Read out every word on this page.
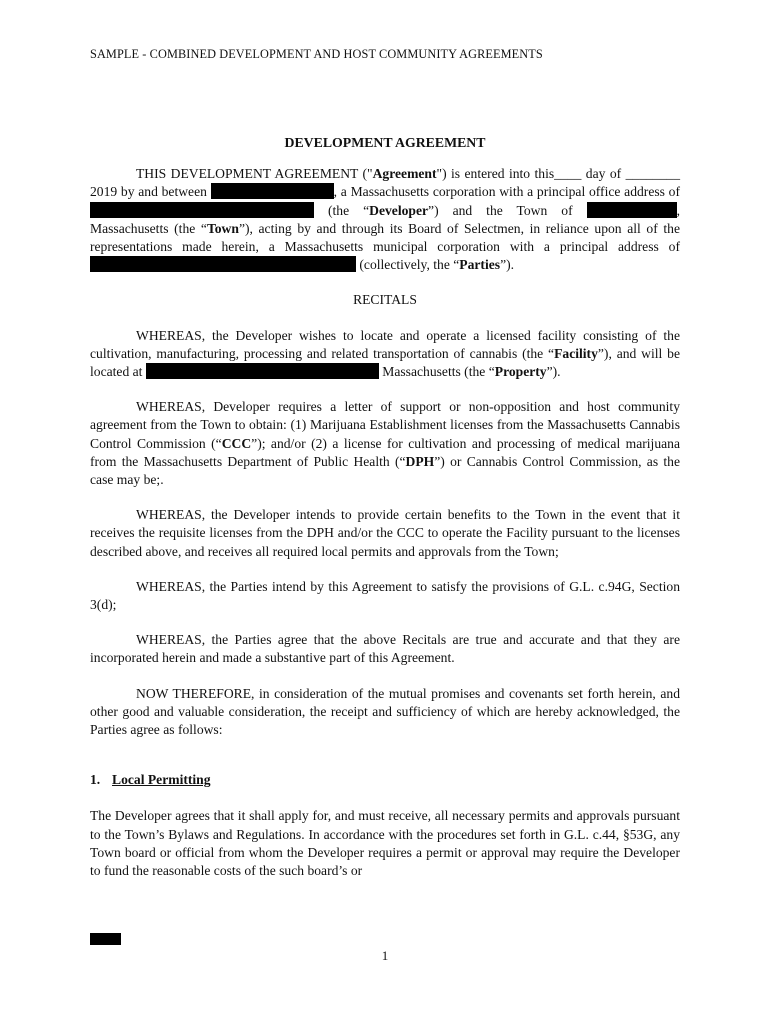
SAMPLE - COMBINED DEVELOPMENT AND HOST COMMUNITY AGREEMENTS

DEVELOPMENT AGREEMENT

THIS DEVELOPMENT AGREEMENT ("Agreement") is entered into this____ day of ________ 2019 by and between	, a Massachusetts corporation with a principal office address of  (the “Developer”) and the Town of	, Massachusetts (the “Town”), acting by and through its Board of Selectmen, in reliance upon all of the representations made herein, a Massachusetts municipal corporation with a principal address of  (collectively, the “Parties”).

RECITALS

WHEREAS, the Developer wishes to locate and operate a licensed facility consisting of the cultivation, manufacturing, processing and related transportation of cannabis (the “Facility”), and will be located at	Massachusetts (the “Property”).

WHEREAS, Developer requires a letter of support or non-opposition and host community agreement from the Town to obtain: (1) Marijuana Establishment licenses from the Massachusetts Cannabis Control Commission (“CCC”); and/or (2) a license for cultivation and processing of medical marijuana from the Massachusetts Department of Public Health (“DPH”) or Cannabis Control Commission, as the case may be;.

WHEREAS, the Developer intends to provide certain benefits to the Town in the event that it receives the requisite licenses from the DPH and/or the CCC to operate the Facility pursuant to the licenses described above, and receives all required local permits and approvals from the Town;

WHEREAS, the Parties intend by this Agreement to satisfy the provisions of G.L. c.94G, Section 3(d);

WHEREAS, the Parties agree that the above Recitals are true and accurate and that they are incorporated herein and made a substantive part of this Agreement.

NOW THEREFORE, in consideration of the mutual promises and covenants set forth herein, and other good and valuable consideration, the receipt and sufficiency of which are hereby acknowledged, the Parties agree as follows:

1. Local Permitting

The Developer agrees that it shall apply for, and must receive, all necessary permits and approvals pursuant to the Town’s Bylaws and Regulations. In accordance with the procedures set forth in G.L. c.44, §53G, any Town board or official from whom the Developer requires a permit or approval may require the Developer to fund the reasonable costs of the such board’s or

1
